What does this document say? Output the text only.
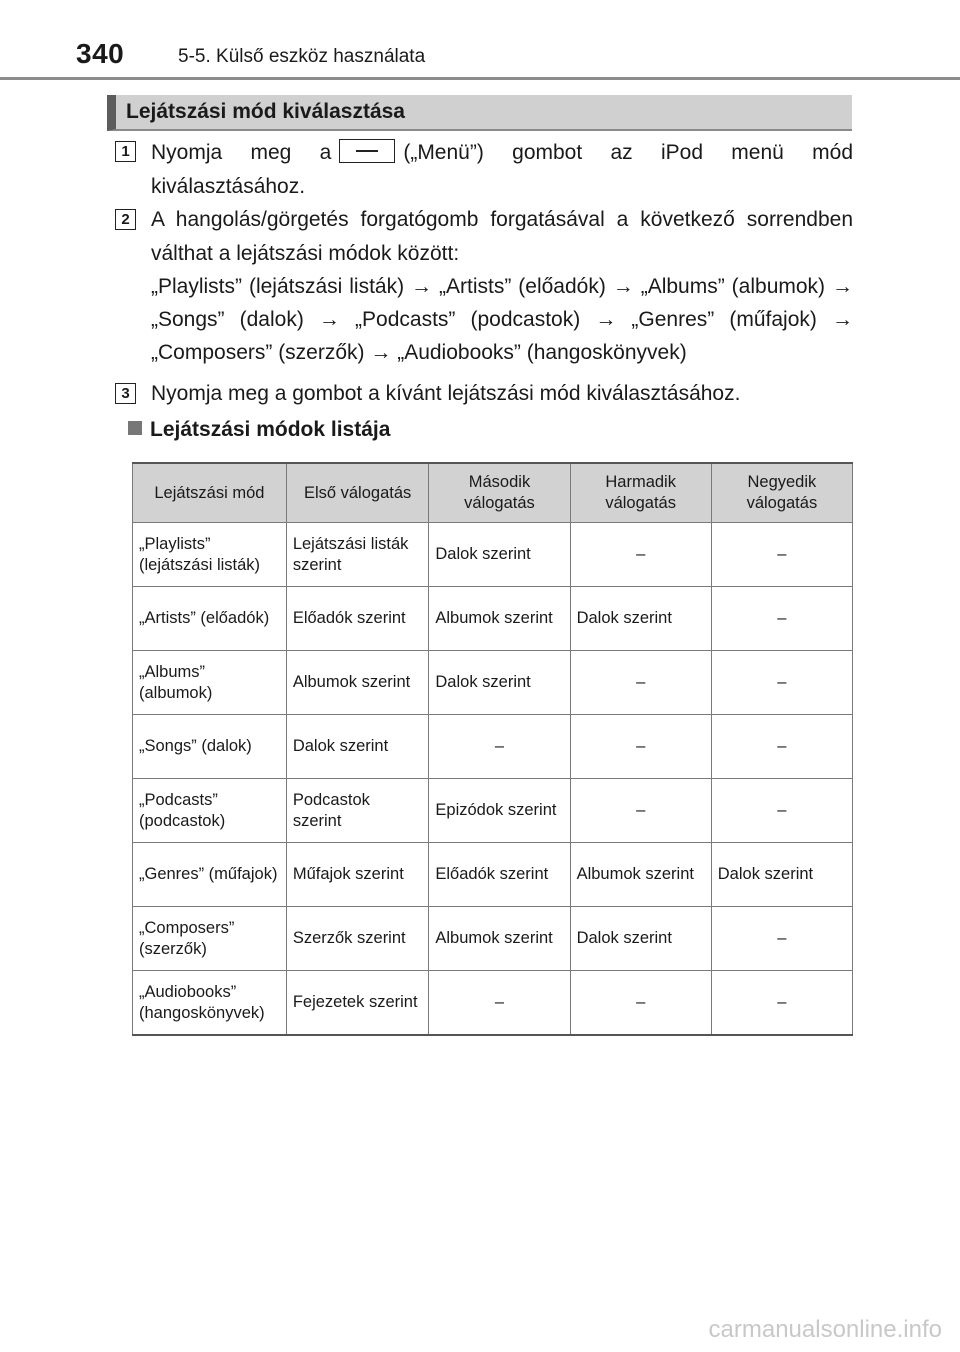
340	5-5. Külső eszköz használata
Lejátszási mód kiválasztása
1	Nyomja meg a	(„Menü”) gombot az iPod menü mód kiválasztásához.
2	A hangolás/görgetés forgatógomb forgatásával a következő sorrendben válthat a lejátszási módok között:
„Playlists” (lejátszási listák) → „Artists” (előadók) → „Albums” (albumok) → „Songs” (dalok) → „Podcasts” (podcastok) → „Genres” (műfajok) → „Composers” (szerzők) → „Audiobooks” (hangoskönyvek)
3	Nyomja meg a gombot a kívánt lejátszási mód kiválasztásához.
Lejátszási módok listája
Lejátszási mód	Első válogatás	Második válogatás	Harmadik válogatás	Negyedik válogatás
„Playlists” (lejátszási listák)	Lejátszási listák szerint	Dalok szerint	–	–
„Artists” (előadók)	Előadók szerint	Albumok szerint	Dalok szerint	–
„Albums” (albumok)	Albumok szerint	Dalok szerint	–	–
„Songs” (dalok)	Dalok szerint	–	–	–
„Podcasts” (podcastok)	Podcastok szerint	Epizódok szerint	–	–
„Genres” (műfajok)	Műfajok szerint	Előadók szerint	Albumok szerint	Dalok szerint
„Composers” (szerzők)	Szerzők szerint	Albumok szerint	Dalok szerint	–
„Audiobooks” (hangoskönyvek)	Fejezetek szerint	–	–	–
carmanualsonline.info
